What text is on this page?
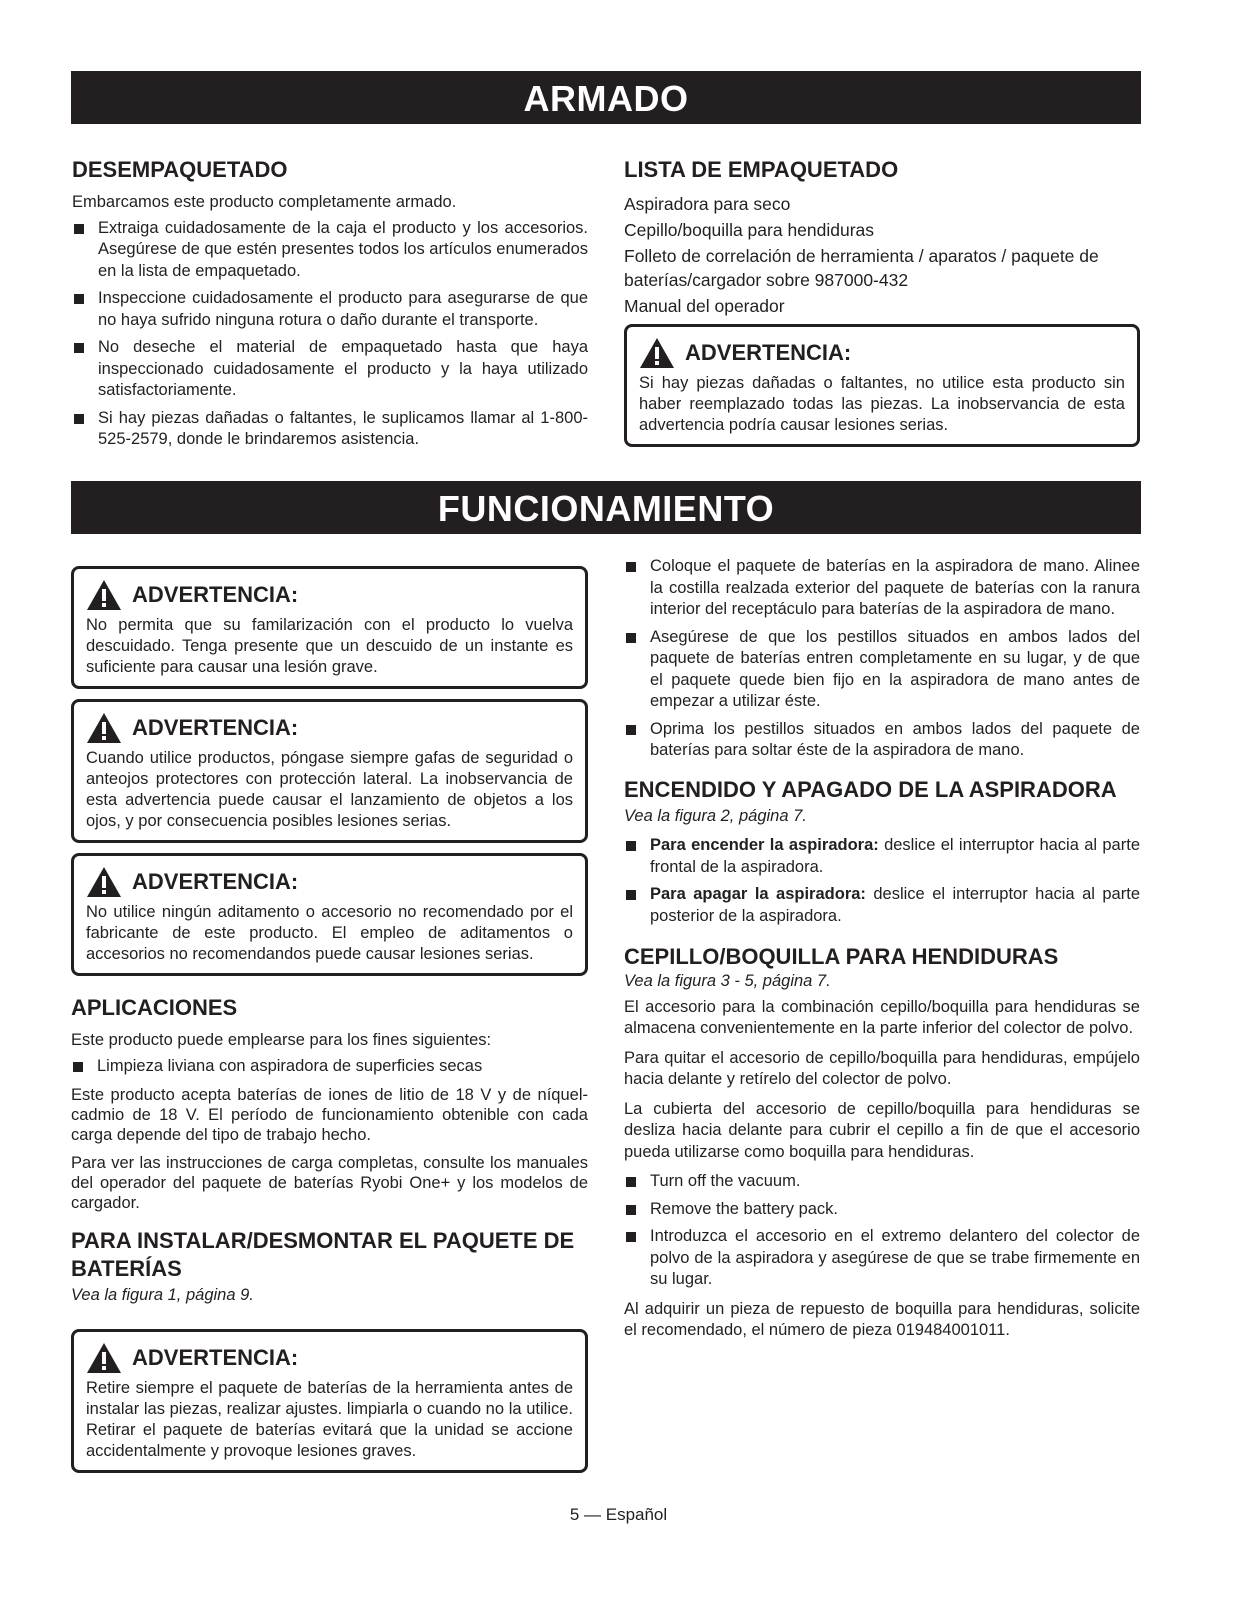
ARMADO
DESEMPAQUETADO

Embarcamos este producto completamente armado.

Extraiga cuidadosamente de la caja el producto y los accesorios. Asegúrese de que estén presentes todos los artículos enumerados en la lista de empaquetado.
Inspeccione cuidadosamente el producto para asegurarse de que no haya sufrido ninguna rotura o daño durante el transporte.
No deseche el material de empaquetado hasta que haya inspeccionado cuidadosamente el producto y la haya utilizado satisfactoriamente.
Si hay piezas dañadas o faltantes, le suplicamos llamar al 1-800-525-2579, donde le brindaremos asistencia.
LISTA DE EMPAQUETADO

Aspiradora para seco

Cepillo/boquilla para hendiduras

Folleto de correlación de herramienta / aparatos / paquete de baterías/cargador sobre 987000-432

Manual del operador

ADVERTENCIA:

Si hay piezas dañadas o faltantes, no utilice esta producto sin haber reemplazado todas las piezas. La inobservancia de esta advertencia podría causar lesiones serias.

FUNCIONAMIENTO
ADVERTENCIA:

No permita que su familarización con el producto lo vuelva descuidado. Tenga presente que un descuido de un instante es suficiente para causar una lesión grave.

ADVERTENCIA:

Cuando utilice productos, póngase siempre gafas de seguridad o anteojos protectores con protección lateral. La inobservancia de esta advertencia puede causar el lanzamiento de objetos a los ojos, y por consecuencia posibles lesiones serias.

ADVERTENCIA:

No utilice ningún aditamento o accesorio no recomendado por el fabricante de este producto. El empleo de aditamentos o accesorios no recomendandos puede causar lesiones serias.

APLICACIONES

Este producto puede emplearse para los fines siguientes:

Limpieza liviana con aspiradora de superficies secas

Este producto acepta baterías de iones de litio de 18 V y de níquel-cadmio de 18 V. El período de funcionamiento obtenible con cada carga depende del tipo de trabajo hecho.

Para ver las instrucciones de carga completas, consulte los manuales del operador del paquete de baterías Ryobi One+ y los modelos de cargador.

PARA INSTALAR/DESMONTAR EL PAQUETE DE BATERÍAS

Vea la figura 1, página 9.

ADVERTENCIA:

Retire siempre el paquete de baterías de la herramienta antes de instalar las piezas, realizar ajustes. limpiarla o cuando no la utilice. Retirar el paquete de baterías evitará que la unidad se accione accidentalmente y provoque lesiones graves.

Coloque el paquete de baterías en la aspiradora de mano. Alinee la costilla realzada exterior del paquete de baterías con la ranura interior del receptáculo para baterías de la aspiradora de mano.
Asegúrese de que los pestillos situados en ambos lados del paquete de baterías entren completamente en su lugar, y de que el paquete quede bien fijo en la aspiradora de mano antes de empezar a utilizar éste.
Oprima los pestillos situados en ambos lados del paquete de baterías para soltar éste de la aspiradora de mano.
ENCENDIDO Y APAGADO DE LA ASPIRADORA

Vea la figura 2, página 7.

Para encender la aspiradora: deslice el interruptor hacia al parte frontal de la aspiradora.
Para apagar la aspiradora: deslice el interruptor hacia al parte posterior de la aspiradora.
CEPILLO/BOQUILLA PARA HENDIDURAS

Vea la figura 3 - 5, página 7.

El accesorio para la combinación cepillo/boquilla para hendiduras se almacena convenientemente en la parte inferior del colector de polvo.

Para quitar el accesorio de cepillo/boquilla para hendiduras, empújelo hacia delante y retírelo del colector de polvo.

La cubierta del accesorio de cepillo/boquilla para hendiduras se desliza hacia delante para cubrir el cepillo a fin de que el accesorio pueda utilizarse como boquilla para hendiduras.

Turn off the vacuum.
Remove the battery pack.
Introduzca el accesorio en el extremo delantero del colector de polvo de la aspiradora y asegúrese de que se trabe firmemente en su lugar.

Al adquirir un pieza de repuesto de boquilla para hendiduras, solicite el recomendado, el número de pieza 019484001011.

5 — Español
